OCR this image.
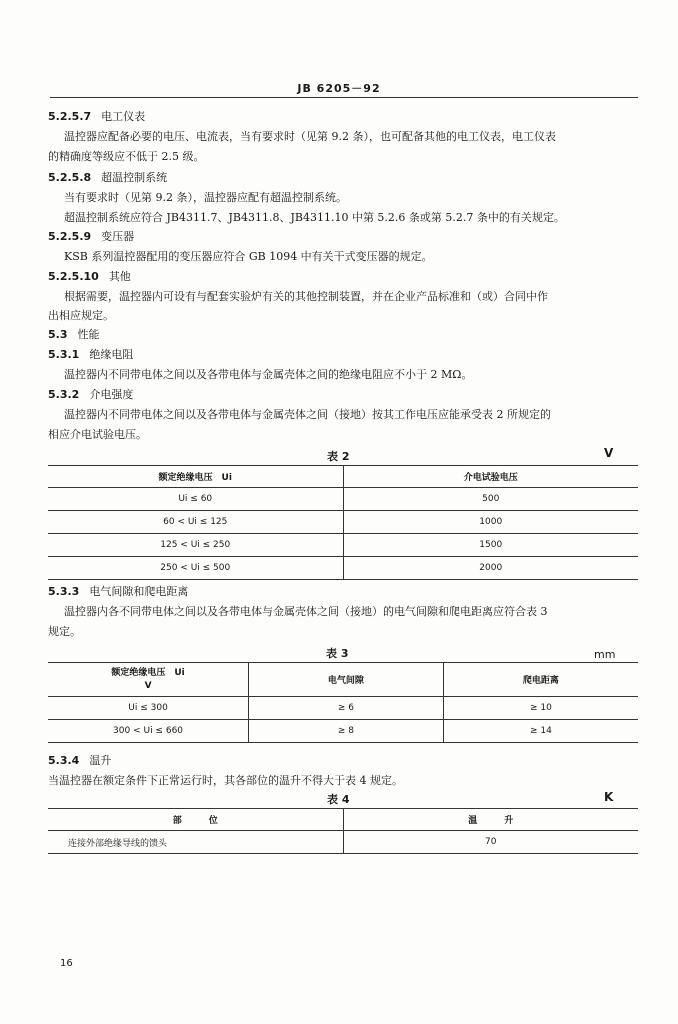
JB 6205－92
5.2.5.7 电工仪表
温控器应配备必要的电压、电流表，当有要求时（见第 9.2 条），也可配备其他的电工仪表，电工仪表
的精确度等级应不低于 2.5 级。
5.2.5.8 超温控制系统
当有要求时（见第 9.2 条），温控器应配有超温控制系统。
超温控制系统应符合 JB4311.7、JB4311.8、JB4311.10 中第 5.2.6 条或第 5.2.7 条中的有关规定。
5.2.5.9 变压器
KSB 系列温控器配用的变压器应符合 GB 1094 中有关干式变压器的规定。
5.2.5.10 其他
根据需要，温控器内可设有与配套实验炉有关的其他控制装置，并在企业产品标准和（或）合同中作
出相应规定。
5.3 性能
5.3.1 绝缘电阻
温控器内不同带电体之间以及各带电体与金属壳体之间的绝缘电阻应不小于 2 MΩ。
5.3.2 介电强度
温控器内不同带电体之间以及各带电体与金属壳体之间（接地）按其工作电压应能承受表 2 所规定的
相应介电试验电压。
表 2	V
额定绝缘电压　Ui	介电试验电压
Ui ≤ 60	500
60 < Ui ≤ 125	1000
125 < Ui ≤ 250	1500
250 < Ui ≤ 500	2000
5.3.3 电气间隙和爬电距离
温控器内各不同带电体之间以及各带电体与金属壳体之间（接地）的电气间隙和爬电距离应符合表 3
规定。
表 3	mm
额定绝缘电压　Ui
V	电气间隙	爬电距离
Ui ≤ 300	≥ 6	≥ 10
300 < Ui ≤ 660	≥ 8	≥ 14
5.3.4 温升
当温控器在额定条件下正常运行时，其各部位的温升不得大于表 4 规定。
表 4	K
部　　　位	温　　　升
连接外部绝缘导线的馈头	70
16
